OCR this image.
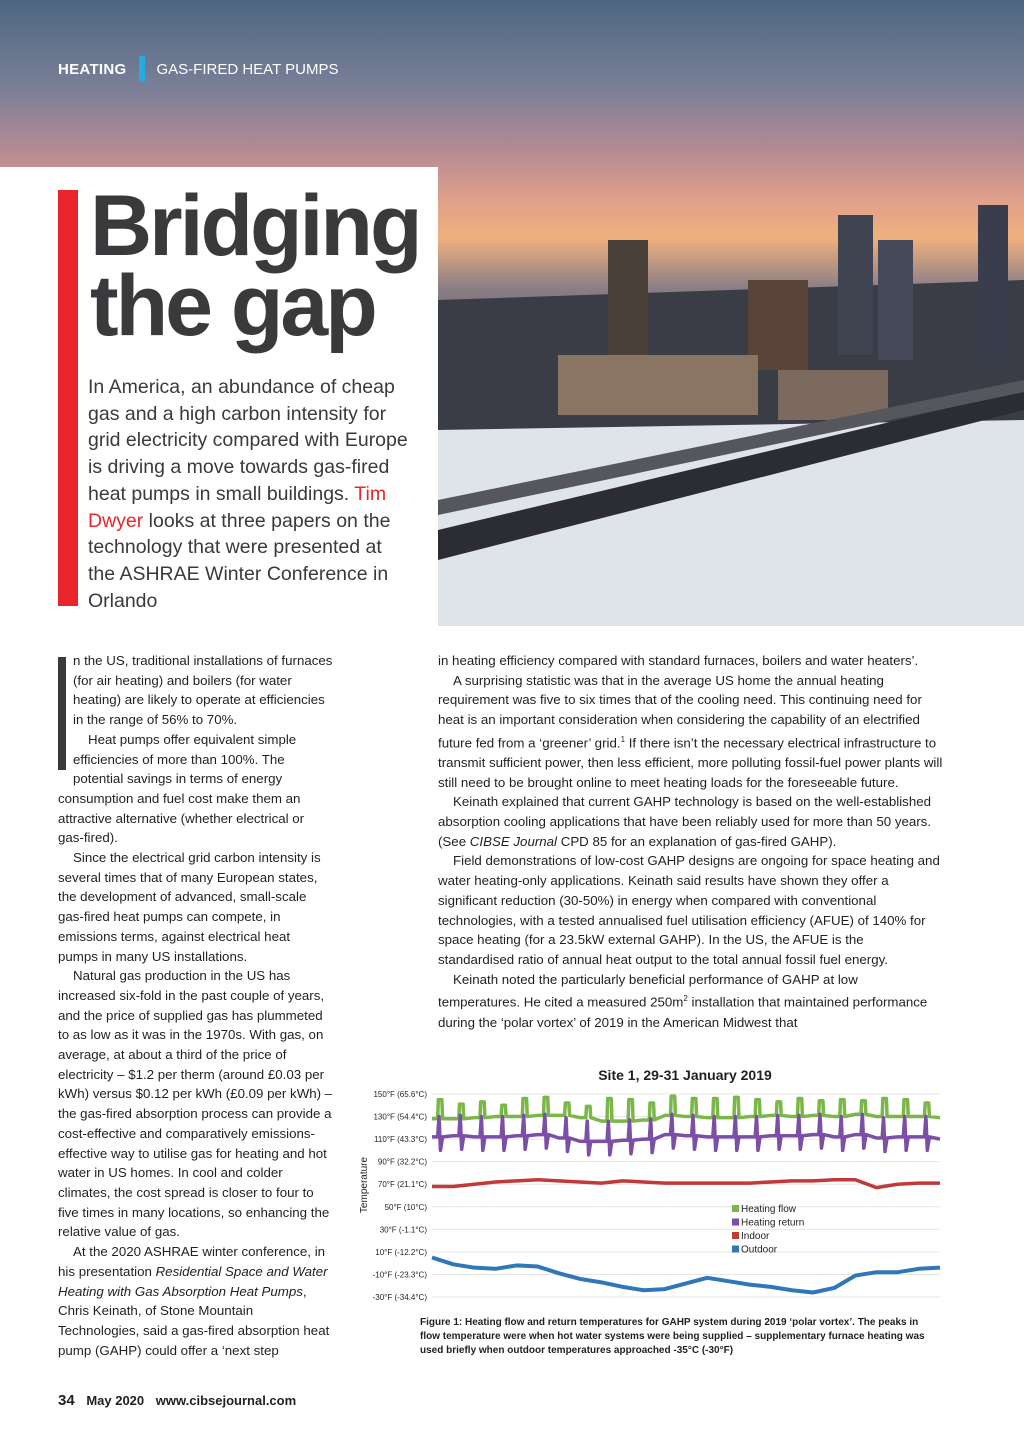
HEATING GAS-FIRED HEAT PUMPS
Bridging
the gap
In America, an abundance of cheap gas and a high carbon intensity for grid electricity compared with Europe is driving a move towards gas-fired heat pumps in small buildings. Tim Dwyer looks at three papers on the technology that were presented at the ASHRAE Winter Conference in Orlando

n the US, traditional installations of furnaces (for air heating) and boilers (for water heating) are likely to operate at efficiencies in the range of 56% to 70%.

Heat pumps offer equivalent simple efficiencies of more than 100%. The potential savings in terms of energy consumption and fuel cost make them an attractive alternative (whether electrical or gas-fired).

Since the electrical grid carbon intensity is several times that of many European states, the development of advanced, small-scale gas-fired heat pumps can compete, in emissions terms, against electrical heat pumps in many US installations.

Natural gas production in the US has increased six-fold in the past couple of years, and the price of supplied gas has plummeted to as low as it was in the 1970s. With gas, on average, at about a third of the price of electricity – $1.2 per therm (around £0.03 per kWh) versus $0.12 per kWh (£0.09 per kWh) – the gas-fired absorption process can provide a cost-effective and comparatively emissions-effective way to utilise gas for heating and hot water in US homes. In cool and colder climates, the cost spread is closer to four to five times in many locations, so enhancing the relative value of gas.

At the 2020 ASHRAE winter conference, in his presentation Residential Space and Water Heating with Gas Absorption Heat Pumps, Chris Keinath, of Stone Mountain Technologies, said a gas-fired absorption heat pump (GAHP) could offer a ‘next step

in heating efficiency compared with standard furnaces, boilers and water heaters’.

A surprising statistic was that in the average US home the annual heating requirement was five to six times that of the cooling need. This continuing need for heat is an important consideration when considering the capability of an electrified future fed from a ‘greener’ grid.$^1$ If there isn’t the necessary electrical infrastructure to transmit sufficient power, then less efficient, more polluting fossil-fuel power plants will still need to be brought online to meet heating loads for the foreseeable future.

Keinath explained that current GAHP technology is based on the well-established absorption cooling applications that have been reliably used for more than 50 years. (See CIBSE Journal CPD 85 for an explanation of gas-fired GAHP).

Field demonstrations of low-cost GAHP designs are ongoing for space heating and water heating-only applications. Keinath said results have shown they offer a significant reduction (30-50%) in energy when compared with conventional technologies, with a tested annualised fuel utilisation efficiency (AFUE) of 140% for space heating (for a 23.5kW external GAHP). In the US, the AFUE is the standardised ratio of annual heat output to the total annual fossil fuel energy.

Keinath noted the particularly beneficial performance of GAHP at low temperatures. He cited a measured $250m^2$ installation that maintained performance during the ‘polar vortex’ of 2019 in the American Midwest that

Site 1, 29-31 January 2019
Temperature
150°F (65.6°C)
130°F (54.4°C)
110°F (43.3°C)
90°F (32.2°C)
70°F (21.1°C)
50°F (10°C)
30°F (-1.1°C)
10°F (-12.2°C)
-10°F (-23.3°C)
-30°F (-34.4°C)
Heating flow
Heating return
Indoor
Outdoor
Figure 1: Heating flow and return temperatures for GAHP system during 2019 ‘polar vortex’. The peaks in flow temperature were when hot water systems were being supplied – supplementary furnace heating was used briefly when outdoor temperatures approached -35°C (-30°F)
34 May 2020 www.cibsejournal.com
